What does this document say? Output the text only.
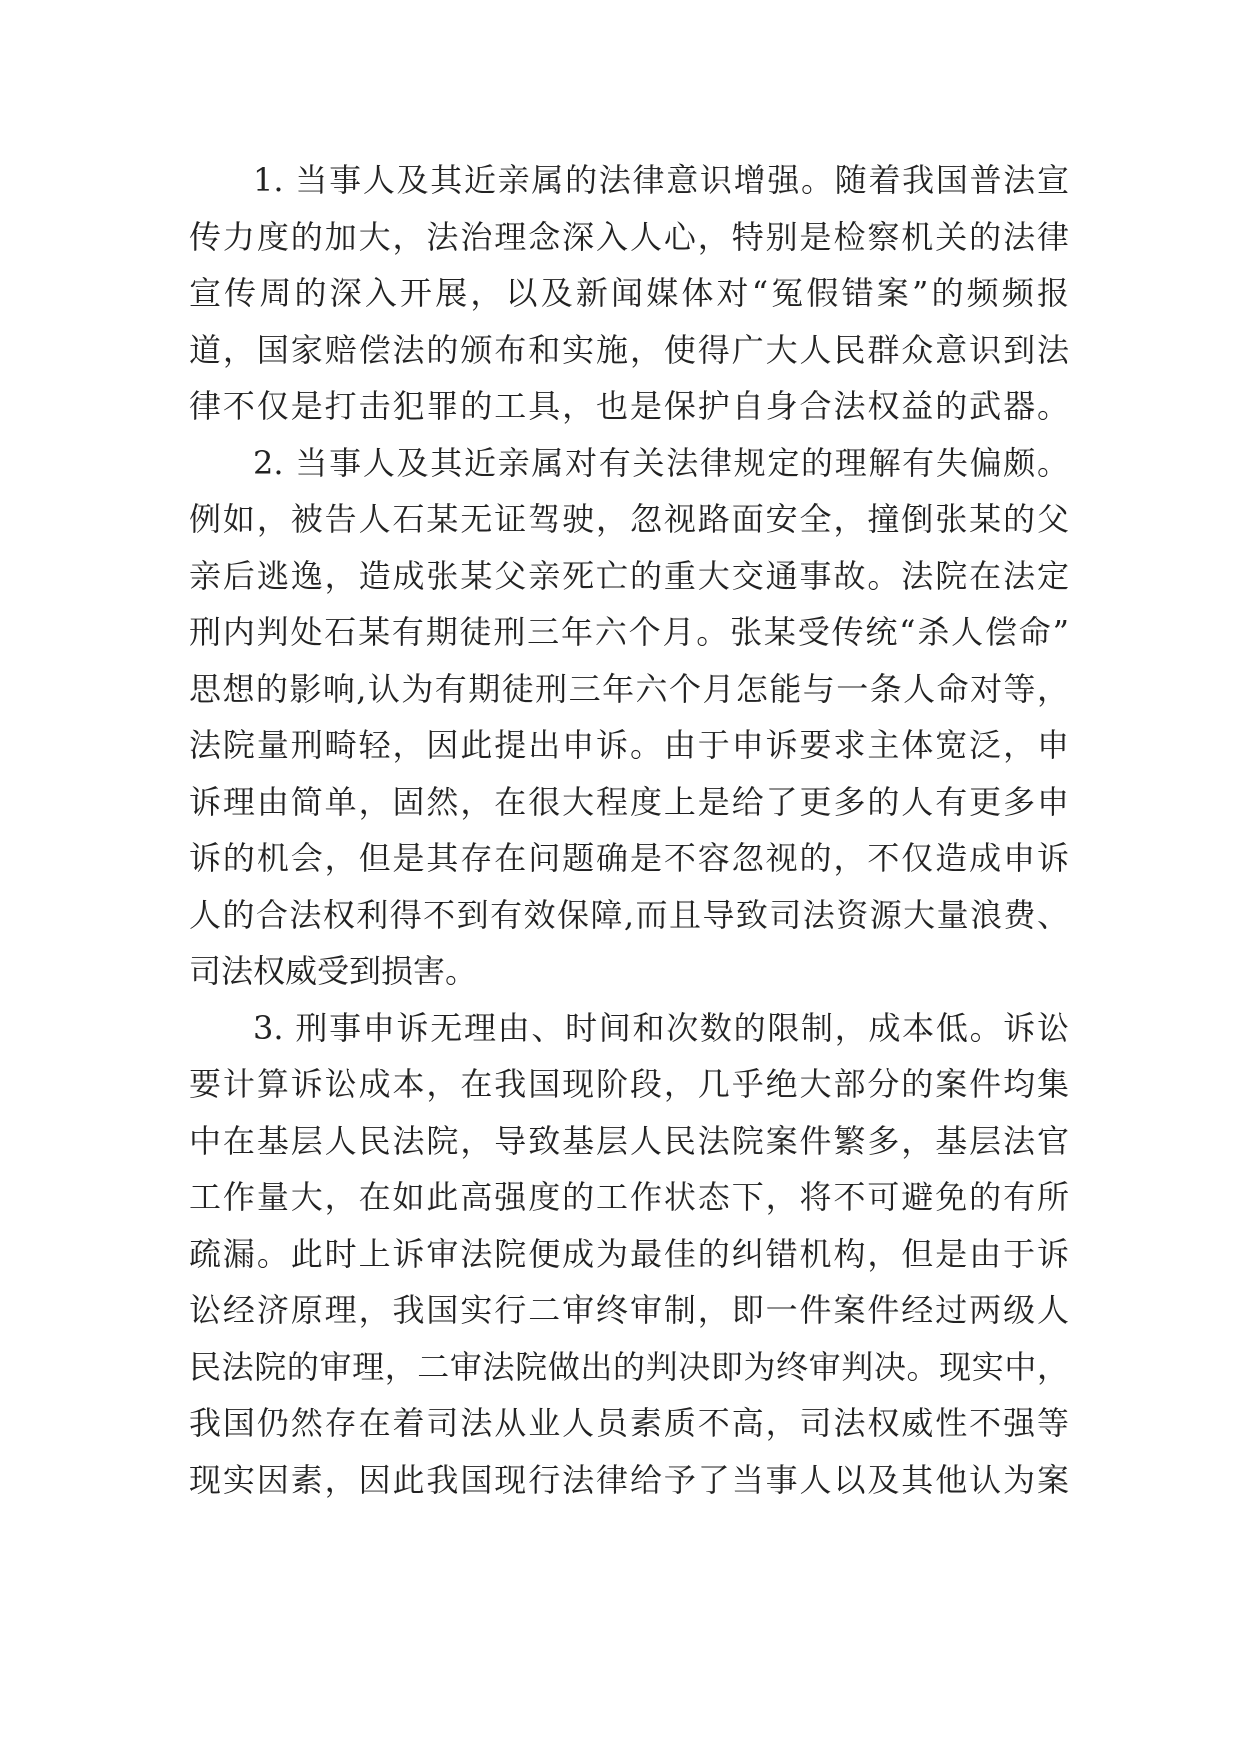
1. 当事人及其近亲属的法律意识增强。随着我国普法宣
传力度的加大，法治理念深入人心，特别是检察机关的法律
宣传周的深入开展，以及新闻媒体对“冤假错案”的频频报
道，国家赔偿法的颁布和实施，使得广大人民群众意识到法
律不仅是打击犯罪的工具，也是保护自身合法权益的武器。
2. 当事人及其近亲属对有关法律规定的理解有失偏颇。
例如，被告人石某无证驾驶，忽视路面安全，撞倒张某的父
亲后逃逸，造成张某父亲死亡的重大交通事故。法院在法定
刑内判处石某有期徒刑三年六个月。张某受传统“杀人偿命”
思想的影响,认为有期徒刑三年六个月怎能与一条人命对等，
法院量刑畸轻，因此提出申诉。由于申诉要求主体宽泛，申
诉理由简单，固然，在很大程度上是给了更多的人有更多申
诉的机会，但是其存在问题确是不容忽视的，不仅造成申诉
人的合法权利得不到有效保障,而且导致司法资源大量浪费、
司法权威受到损害。
3. 刑事申诉无理由、时间和次数的限制，成本低。诉讼
要计算诉讼成本，在我国现阶段，几乎绝大部分的案件均集
中在基层人民法院，导致基层人民法院案件繁多，基层法官
工作量大，在如此高强度的工作状态下，将不可避免的有所
疏漏。此时上诉审法院便成为最佳的纠错机构，但是由于诉
讼经济原理，我国实行二审终审制，即一件案件经过两级人
民法院的审理，二审法院做出的判决即为终审判决。现实中，
我国仍然存在着司法从业人员素质不高，司法权威性不强等
现实因素，因此我国现行法律给予了当事人以及其他认为案
